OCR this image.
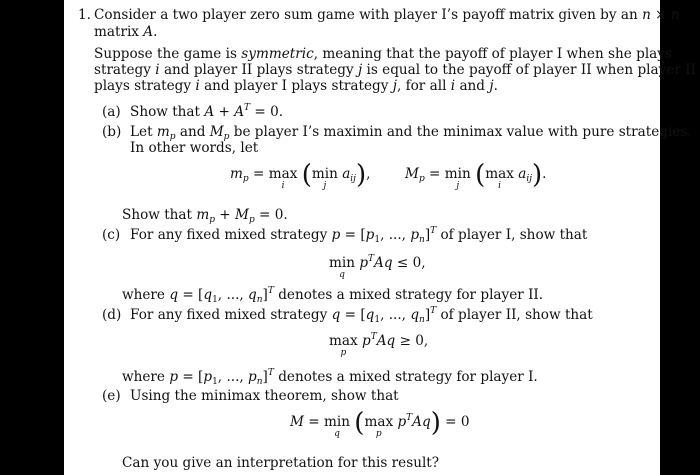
1. Consider a two player zero sum game with player I’s payoff matrix given by an n × n
matrix A.
Suppose the game is symmetric, meaning that the payoff of player I when she plays
strategy i and player II plays strategy j is equal to the payoff of player II when player II
plays strategy i and player I plays strategy j, for all i and j.
(a) Show that $A + A^T = 0$.
(b) Let $m_p$ and $M_p$ be player I’s maximin and the minimax value with pure strategies.
In other words, let
$m_p = \max$
i (min
j
$a_{ij}$),        $M_p = \min$
j (max
i
$a_{ij}$).
Show that $m_p + M_p = 0$.
(c) For any fixed mixed strategy $p = [p_1$, ..., $p_n]^T$ of player I, show that
min
q
$p^TAq \le 0$,
where $q = [q_1$, ..., $q_n]^T$ denotes a mixed strategy for player II.
(d) For any fixed mixed strategy $q = [q_1$, ..., $q_n]^T$ of player II, show that
max
p
$p^TAq \ge 0$,
where $p = [p_1$, ..., $p_n]^T$ denotes a mixed strategy for player I.
(e) Using the minimax theorem, show that
M = min
q (max
p
$p^TAq) = 0$
Can you give an interpretation for this result?
